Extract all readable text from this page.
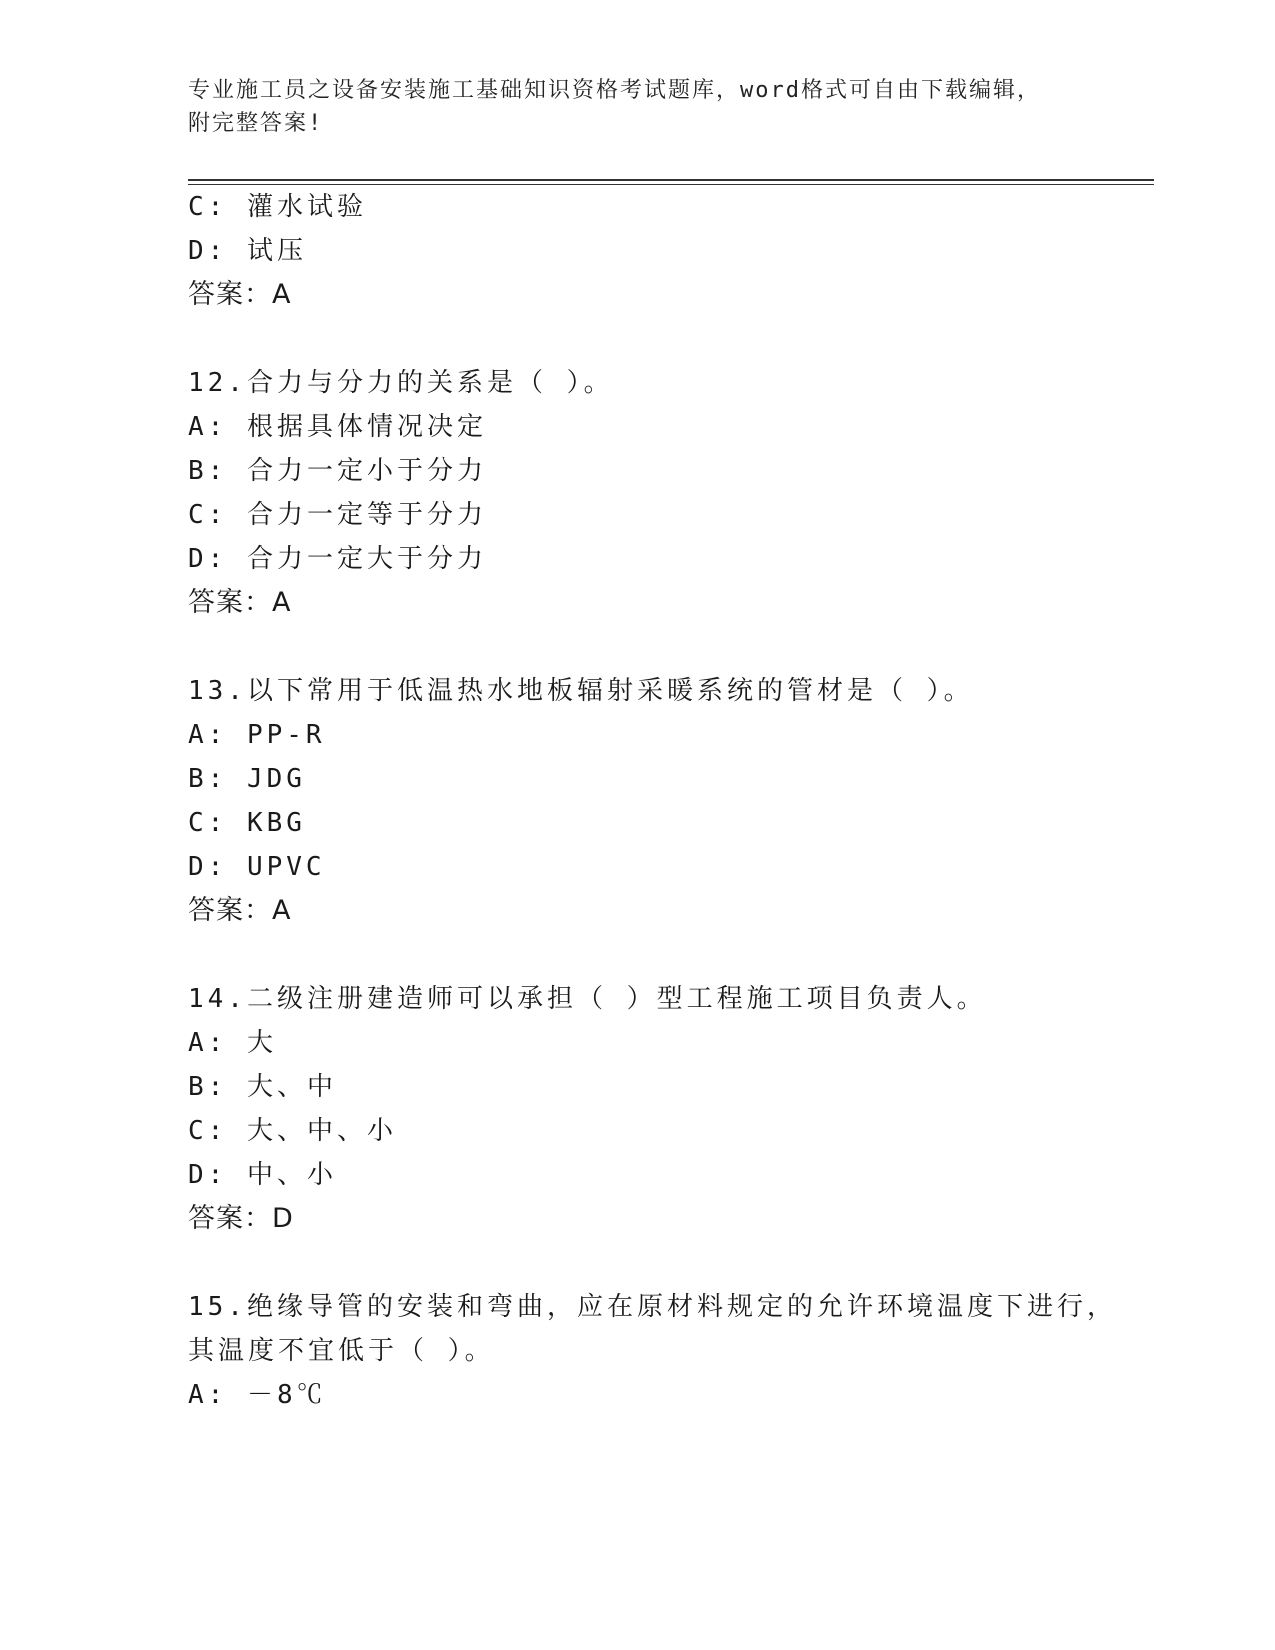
专业施工员之设备安装施工基础知识资格考试题库，word格式可自由下载编辑，
附完整答案!
C: 灌水试验
D: 试压
答案：A
12.合力与分力的关系是（ ）。
A: 根据具体情况决定
B: 合力一定小于分力
C: 合力一定等于分力
D: 合力一定大于分力
答案：A
13.以下常用于低温热水地板辐射采暖系统的管材是（ ）。
A: PP-R
B: JDG
C: KBG
D: UPVC
答案：A
14.二级注册建造师可以承担（ ）型工程施工项目负责人。
A: 大
B: 大、中
C: 大、中、小
D: 中、小
答案：D
15.绝缘导管的安装和弯曲，应在原材料规定的允许环境温度下进行，
其温度不宜低于（ ）。
A: －8℃
